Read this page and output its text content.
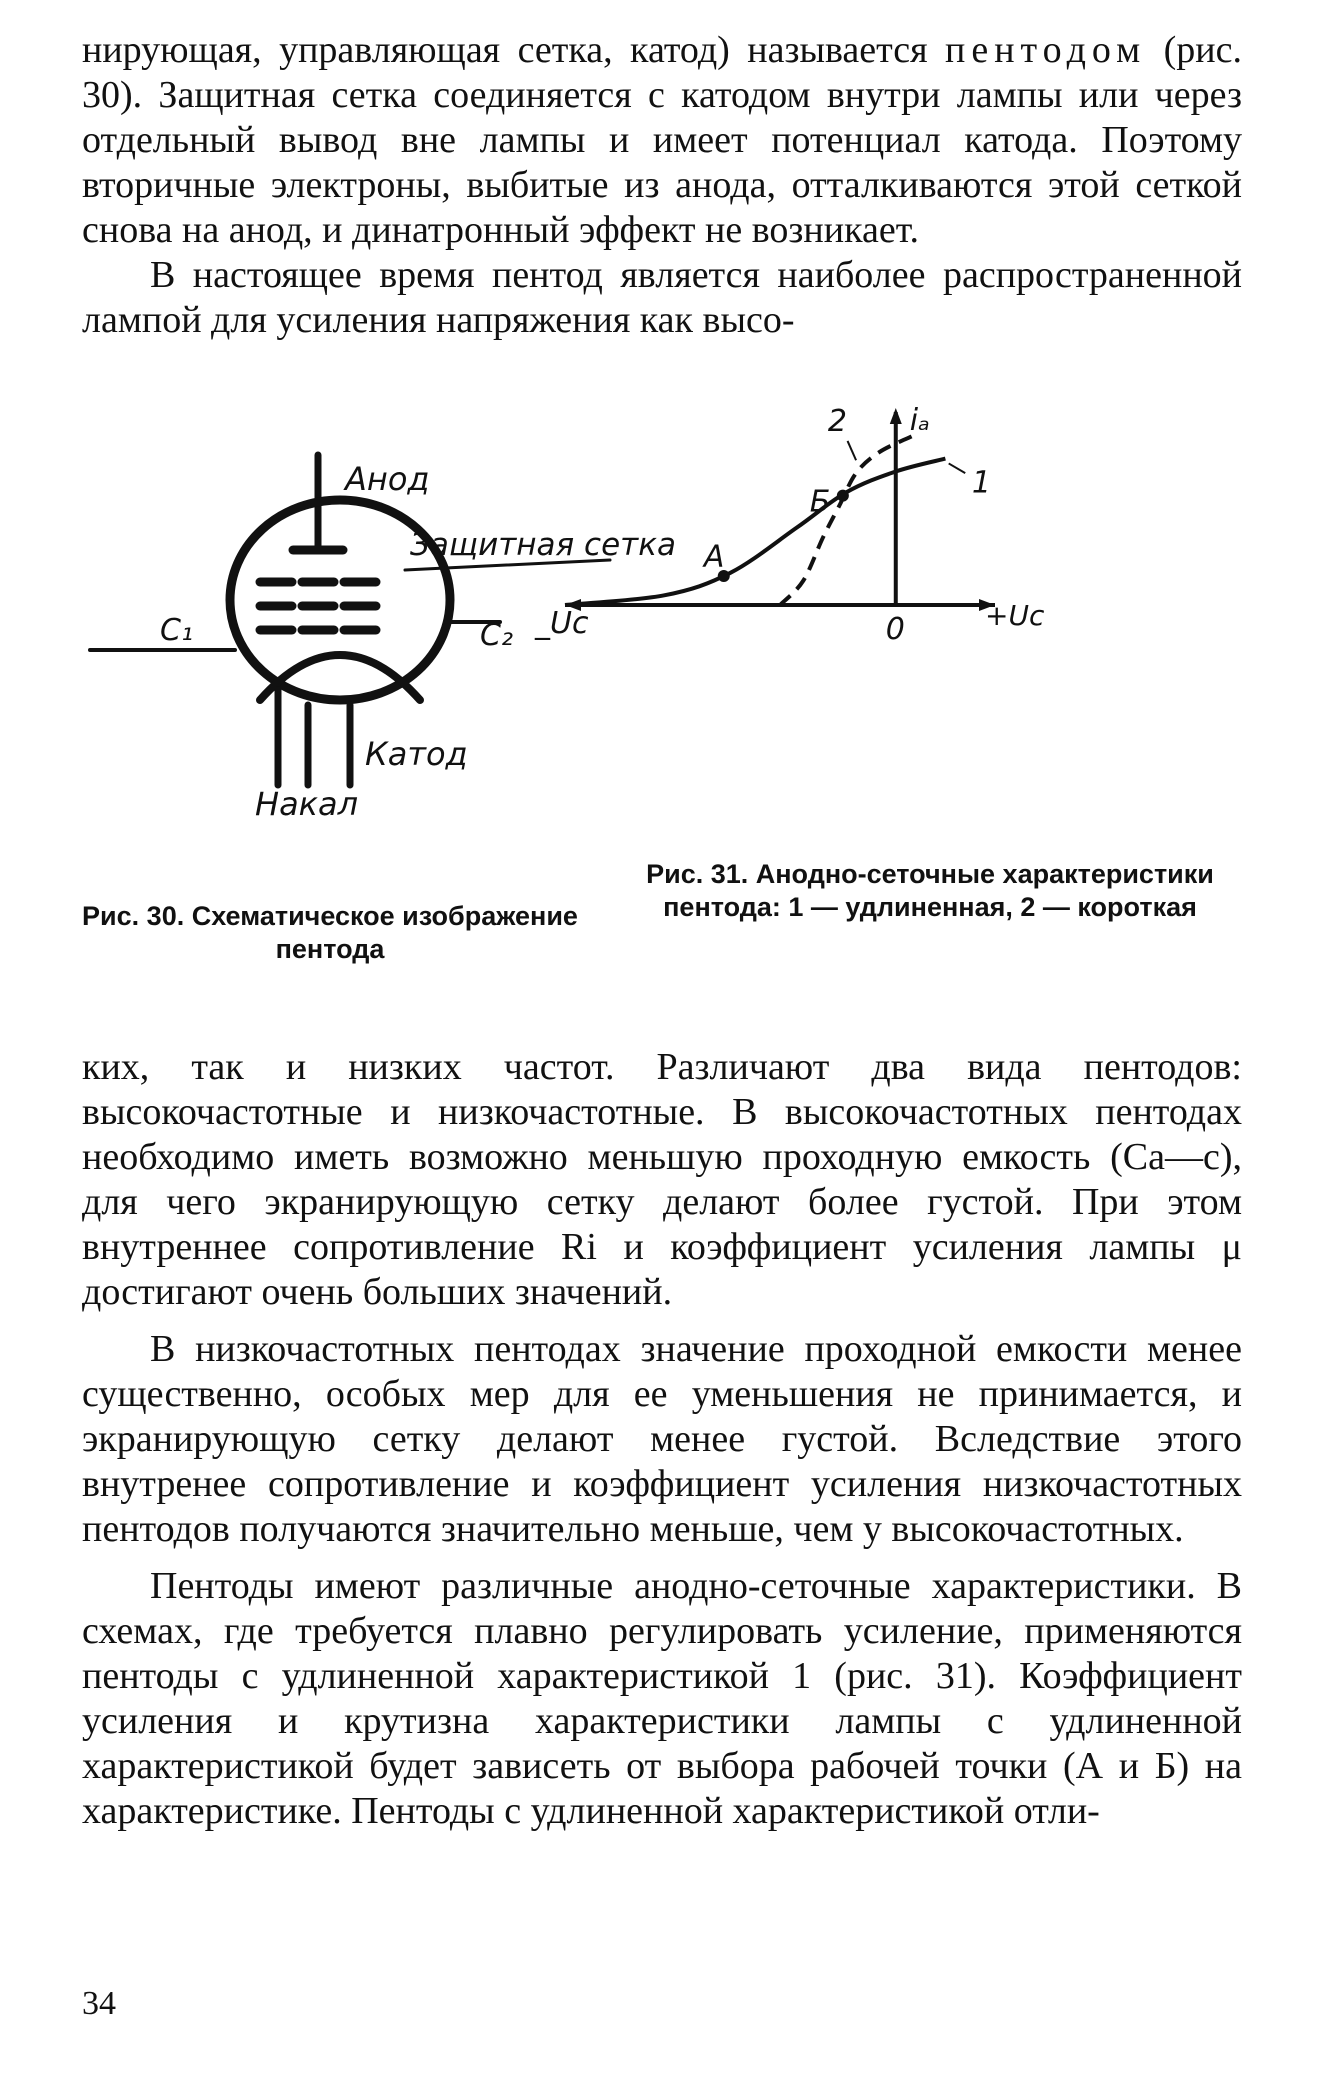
нирующая, управляющая сетка, катод) называется пентодом (рис. 30). Защитная сетка соединяется с катодом внутри лампы или через отдельный вывод вне лампы и имеет потенциал катода. Поэтому вторичные электроны, выбитые из анода, отталкиваются этой сеткой снова на анод, и динатронный эффект не возникает.

В настоящее время пентод является наиболее распространенной лампой для усиления напряжения как высо-

Анод
Защитная сетка
С₁	С₂
Катод
Накал
iₐ
2
1
Б
А
_Uc	0	+Uc
Рис. 30. Схематическое изображение пентода
Рис. 31. Анодно-сеточные характеристики пентода: 1 — удлиненная, 2 — короткая

ких, так и низких частот. Различают два вида пентодов: высокочастотные и низкочастотные. В высокочастотных пентодах необходимо иметь возможно меньшую проходную емкость (Са—с), для чего экранирующую сетку делают более густой. При этом внутреннее сопротивление Ri и коэффициент усиления лампы μ достигают очень больших значений.

В низкочастотных пентодах значение проходной емкости менее существенно, особых мер для ее уменьшения не принимается, и экранирующую сетку делают менее густой. Вследствие этого внутренее сопротивление и коэффициент усиления низкочастотных пентодов получаются значительно меньше, чем у высокочастотных.

Пентоды имеют различные анодно-сеточные характеристики. В схемах, где требуется плавно регулировать усиление, применяются пентоды с удлиненной характеристикой 1 (рис. 31). Коэффициент усиления и крутизна характеристики лампы с удлиненной характеристикой будет зависеть от выбора рабочей точки (А и Б) на характеристике. Пентоды с удлиненной характеристикой отли-

34
